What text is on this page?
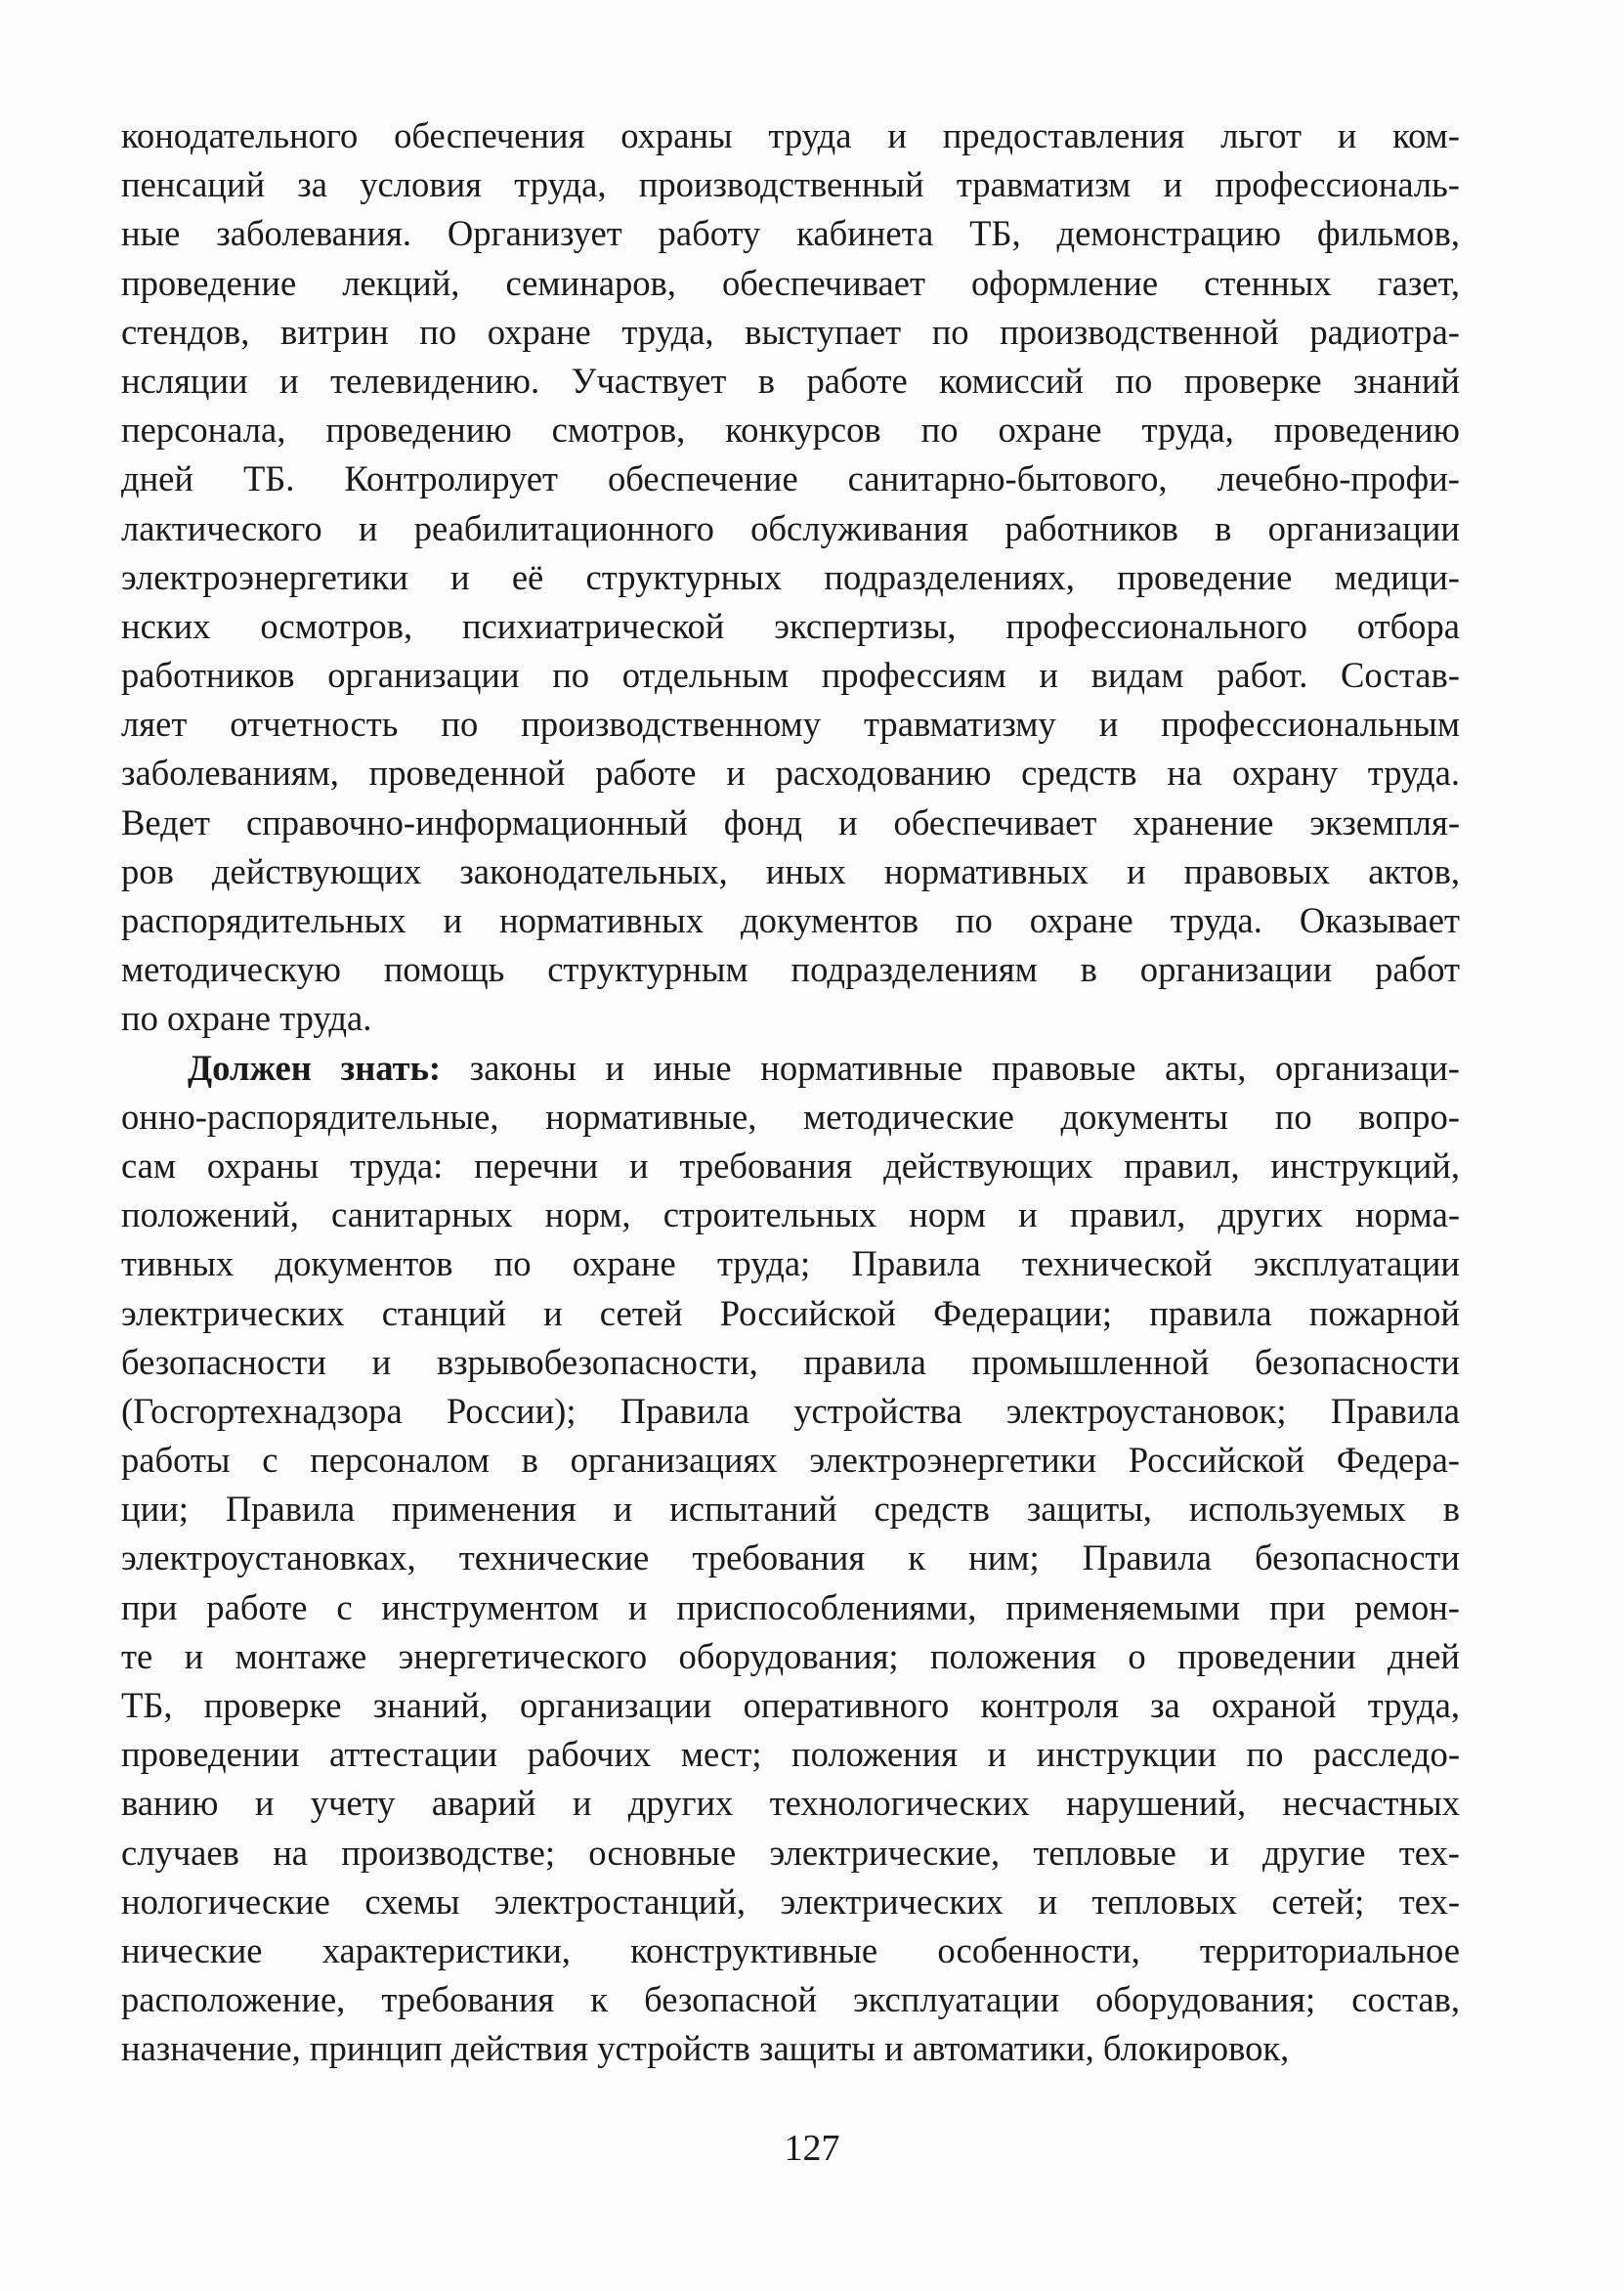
конодательного обеспечения охраны труда и предоставления льгот и ком-
пенсаций за условия труда, производственный травматизм и профессиональ-
ные заболевания. Организует работу кабинета ТБ, демонстрацию фильмов,
проведение лекций, семинаров, обеспечивает оформление стенных газет,
стендов, витрин по охране труда, выступает по производственной радиотра-
нсляции и телевидению. Участвует в работе комиссий по проверке знаний
персонала, проведению смотров, конкурсов по охране труда, проведению
дней ТБ. Контролирует обеспечение санитарно-бытового, лечебно-профи-
лактического и реабилитационного обслуживания работников в организации
электроэнергетики и её структурных подразделениях, проведение медици-
нских осмотров, психиатрической экспертизы, профессионального отбора
работников организации по отдельным профессиям и видам работ. Состав-
ляет отчетность по производственному травматизму и профессиональным
заболеваниям, проведенной работе и расходованию средств на охрану труда.
Ведет справочно-информационный фонд и обеспечивает хранение экземпля-
ров действующих законодательных, иных нормативных и правовых актов,
распорядительных и нормативных документов по охране труда. Оказывает
методическую помощь структурным подразделениям в организации работ
по охране труда.
Должен знать: законы и иные нормативные правовые акты, организаци-
онно-распорядительные, нормативные, методические документы по вопро-
сам охраны труда: перечни и требования действующих правил, инструкций,
положений, санитарных норм, строительных норм и правил, других норма-
тивных документов по охране труда; Правила технической эксплуатации
электрических станций и сетей Российской Федерации; правила пожарной
безопасности и взрывобезопасности, правила промышленной безопасности
(Госгортехнадзора России); Правила устройства электроустановок; Правила
работы с персоналом в организациях электроэнергетики Российской Федера-
ции; Правила применения и испытаний средств защиты, используемых в
электроустановках, технические требования к ним; Правила безопасности
при работе с инструментом и приспособлениями, применяемыми при ремон-
те и монтаже энергетического оборудования; положения о проведении дней
ТБ, проверке знаний, организации оперативного контроля за охраной труда,
проведении аттестации рабочих мест; положения и инструкции по расследо-
ванию и учету аварий и других технологических нарушений, несчастных
случаев на производстве; основные электрические, тепловые и другие тех-
нологические схемы электростанций, электрических и тепловых сетей; тех-
нические характеристики, конструктивные особенности, территориальное
расположение, требования к безопасной эксплуатации оборудования; состав,
назначение, принцип действия устройств защиты и автоматики, блокировок,
127
